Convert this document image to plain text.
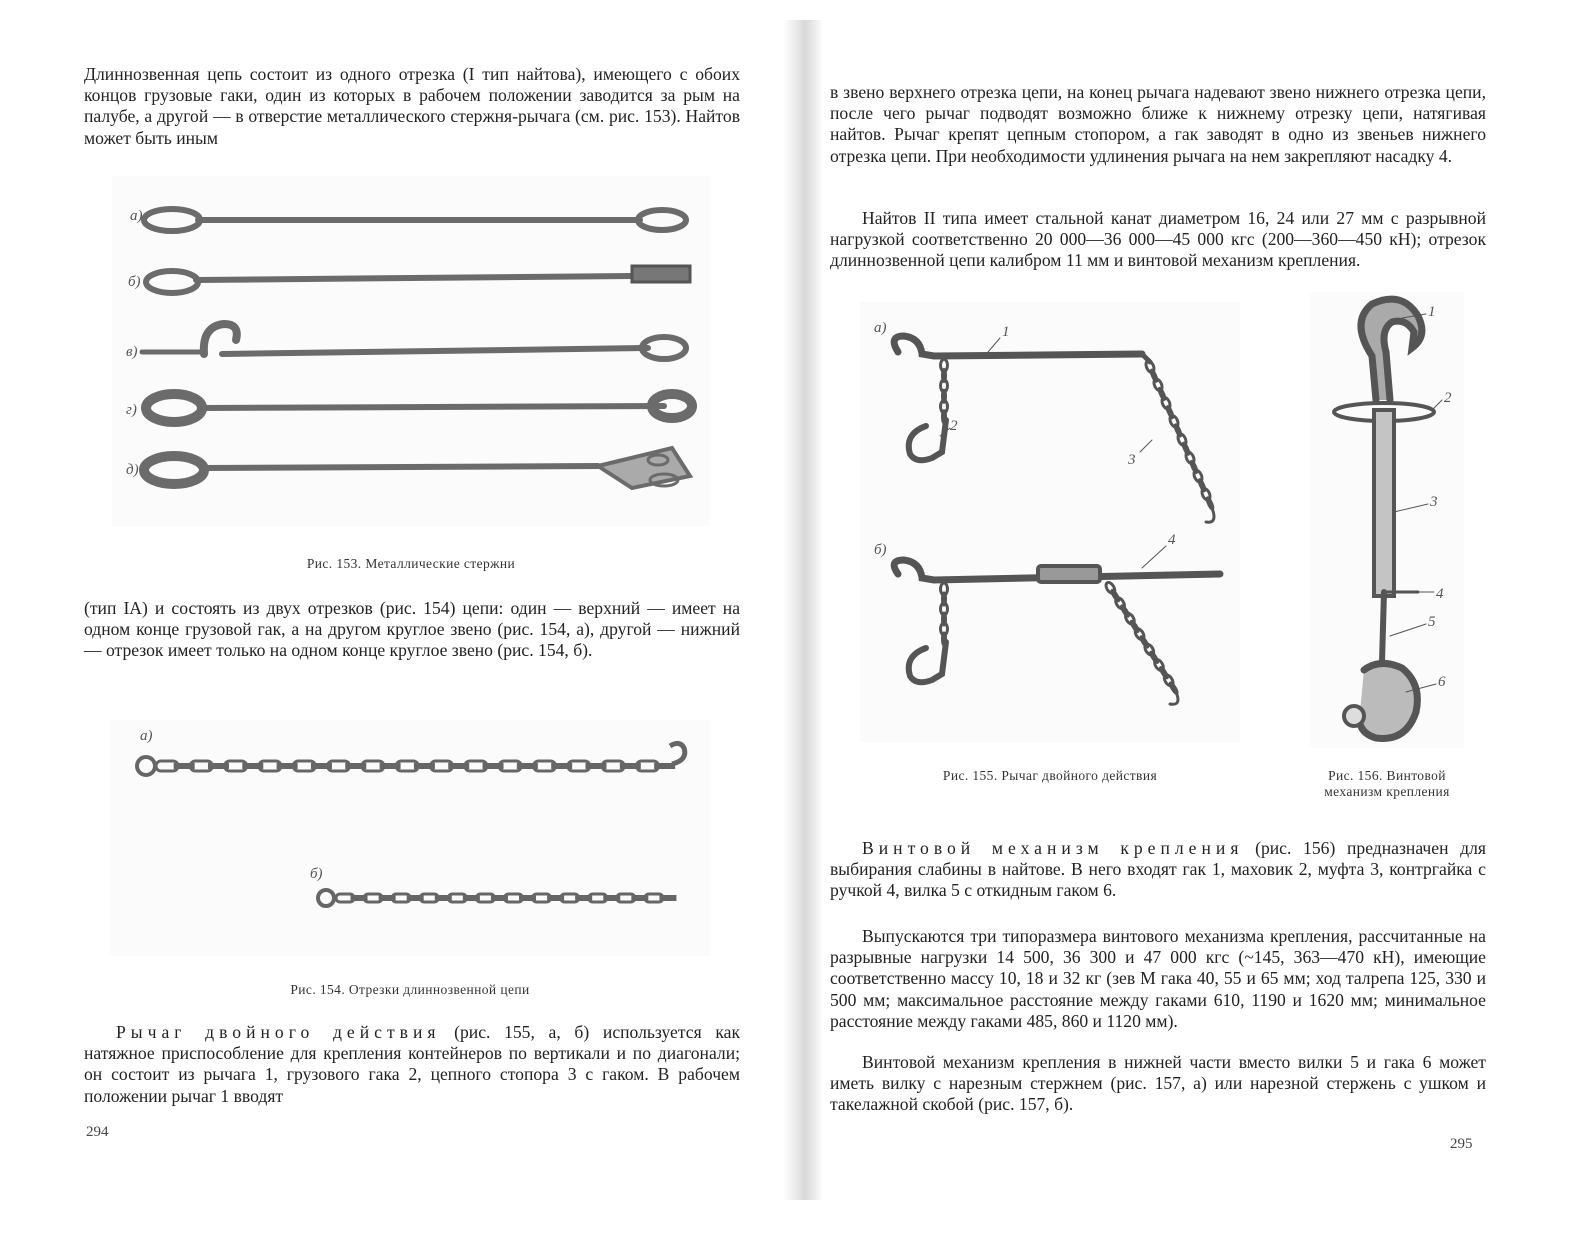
Длиннозвенная цепь состоит из одного отрезка (I тип найтова), имеющего с обоих концов грузовые гаки, один из которых в рабочем положении заводится за рым на палубе, а другой — в отверстие металлического стержня-рычага (см. рис. 153). Найтов может быть иным

а)
б)
в)
г)
д)

Рис. 153. Металлические стержни

(тип IA) и состоять из двух отрезков (рис. 154) цепи: один — верхний — имеет на одном конце грузовой гак, а на другом круглое звено (рис. 154, а), другой — нижний — отрезок имеет только на одном конце круглое звено (рис. 154, б).

а)
б)

Рис. 154. Отрезки длиннозвенной цепи

Рычаг двойного действия (рис. 155, а, б) используется как натяжное приспособление для крепления контейнеров по вертикали и по диагонали; он состоит из рычага 1, грузового гака 2, цепного стопора 3 с гаком. В рабочем положении рычаг 1 вводят

294

в звено верхнего отрезка цепи, на конец рычага надевают звено нижнего отрезка цепи, после чего рычаг подводят возможно ближе к нижнему отрезку цепи, натягивая найтов. Рычаг крепят цепным стопором, а гак заводят в одно из звеньев нижнего отрезка цепи. При необходимости удлинения рычага на нем закрепляют насадку 4.

Найтов II типа имеет стальной канат диаметром 16, 24 или 27 мм с разрывной нагрузкой соответственно 20 000—36 000—45 000 кгс (200—360—450 кН); отрезок длиннозвенной цепи калибром 11 мм и винтовой механизм крепления.

а)
б)
1
2
3
4
1
2
3
4
5
6

Рис. 155. Рычаг двойного действия	Рис. 156. Винтовой механизм крепления

Винтовой механизм крепления (рис. 156) предназначен для выбирания слабины в найтове. В него входят гак 1, маховик 2, муфта 3, контргайка с ручкой 4, вилка 5 с откидным гаком 6.

Выпускаются три типоразмера винтового механизма крепления, рассчитанные на разрывные нагрузки 14 500, 36 300 и 47 000 кгс (~145, 363—470 кН), имеющие соответственно массу 10, 18 и 32 кг (зев М гака 40, 55 и 65 мм; ход талрепа 125, 330 и 500 мм; максимальное расстояние между гаками 610, 1190 и 1620 мм; минимальное расстояние между гаками 485, 860 и 1120 мм).

Винтовой механизм крепления в нижней части вместо вилки 5 и гака 6 может иметь вилку с нарезным стержнем (рис. 157, а) или нарезной стержень с ушком и такелажной скобой (рис. 157, б).

295
